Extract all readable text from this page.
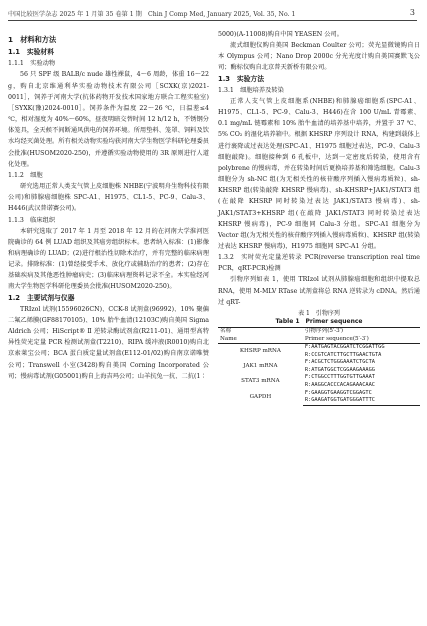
中国比较医学杂志 2025 年 1 月第 35 卷第 1 期　Chin J Comp Med, January 2025, Vol. 35, No. 1	3
1　材料和方法
1.1　实验材料
1.1.1　实验动物
56 只 SPF 级 BALB/c nude 雄性裸鼠，4～6 周龄，体重 16～22 g，购自北京维通利华实验动物技术有限公司［SCXK(京)2021-0011］，饲养于河南大学(抗体药物开发技术国家地方联合工程实验室)［SYXK(豫)2024-0010］。饲养条件为温度 22～26 ℃，日温差≤4 ℃，相对湿度为 40%～60%，昼夜明暗交替时间 12 h/12 h，不锈钢分体笼具，全天候不间断通风供电的饲养环境。所用垫料、笼罩、饲料及饮水均经灭菌处理。所有相关动物实验均获河南大学生物医学科研伦理委员会批准(HUSOM2020-250)，并遵循实验动物使用的 3R 原则进行人道化处理。
1.1.2　细胞
研究选用正常人类支气管上皮细胞株 NHBE(宁波明舟生物科技有限公司)和肺腺癌细胞株 SPC-A1、H1975、CL1-5、PC-9、Calu-3、H446(武汉普诺赛公司)。
1.1.3　临床组织
本研究选取了 2017 年 1 月至 2018 年 12 月的在河南大学淮河医院确诊的 64 例 LUAD 组织及其癌旁组织标本。患者纳入标准：(1)影像和病理确诊的 LUAD；(2)进行根治性切除术治疗，并有完整的临床病理记录。排除标准：(1)曾经接受手术、放化疗或辅助治疗的患者；(2)存在基础疾病及其他恶性肿瘤病史；(3)临床病理资料记录不全。本实验经河南大学生物医学科研伦理委员会批准(HUSOM2020-250)。
1.2　主要试剂与仪器
TRIzol 试剂(15596026CN)、CCK-8 试剂盒(96992)、10% 聚偏二氟乙烯膜(GF88170105)、10% 胎牛血清(12103C)购自美国 Sigma Aldrich 公司；HiScript® Ⅱ 逆转录酶试剂盒(R211-01)、通用型高特异性荧光定量 PCR 检测试剂盒(T2210)、RIPA 缓冲液(R0010)购自北京索莱宝公司；BCA 蛋白质定量试剂盒(E112-01/02)购自南京诺唯赞公司；Transwell 小室(3428)购自美国 Corning Incorporated 公司；慢病毒试剂(G05001)购自上海吉玛公司；山羊抗兔一抗、二抗(1∶
5000)(A-11008)购自中国 YEASEN 公司。
流式细胞仪购自美国 Beckman Coulter 公司；荧光显微镜购自日本 Olympus 公司；Nano Drop 2000c 分光光度计购自美国赛默飞公司；酶标仪购自北京普天新桥有限公司。
1.3　实验方法
1.3.1　细胞培养及转染
正常人支气管上皮细胞系(NHBE)和肺腺癌细胞系(SPC-A1、H1975、CL1-5、PC-9、Calu-3、H446)在含 100 U/mL 青霉素、0.1 mg/mL 链霉素和 10% 胎牛血清的培养基中培养，并置于 37 ℃、5% CO₂ 的湿化培养箱中。根据 KHSRP 序列设计 RNA，构建到载体上进行裹降或过表达处理(SPC-A1、H1975 细胞过表达，PC-9、Calu-3 细胞敲降)。细胞接种到 6 孔板中，达到一定密度后转染，使用含有 polybrene 的慢病毒，并在转染时间后更换培养基和筛选细胞。Calu-3 细胞分为 sh-NC 组(为无相关性的核苷酸序列插入慢病毒质粒)、sh-KHSRP 组(转染敲降 KHSRP 慢病毒)、sh-KHSRP+JAK1/STAT3 组(在敲降 KHSRP 同时转染过表达 JAK1/STAT3 慢病毒)、sh-JAK1/STAT3+KHSRP 组(在敲降 JAK1/STAT3 同时转染过表达 KHSRP 慢病毒)，PC-9 细胞同 Calu-3 分组。SPC-A1 细胞分为 Vector 组(为无相关性的核苷酸序列插入慢病毒质粒)、KHSRP 组(转染过表达 KHSRP 慢病毒)，H1975 细胞同 SPC-A1 分组。
1.3.2　实时荧光定量逆转录 PCR(reverse transcription real time PCR，qRT-PCR)检测
引物序列如表 1，使用 TRIzol 试剂从肺腺癌细胞和组织中提取总 RNA，使用 M-MLV RTase 试剂盒将总 RNA 逆转录为 cDNA。然后通过 qRT-
表 1　引物序列
Table 1　Primer sequence
名称	引物序列(5′-3′)
Name	Primer sequence(5′-3′)
KHSRP mRNA	F:AATGAGTACGGATCTCGGATTGG
	R:CCGTCATCTTGCTTGAACTGTA
JAK1 mRNA	F:ACGCTCTGGGAAATCTGCTA
	R:ATGATGGCTCGGAAGAAAGG
STAT3 mRNA	F:CTGGCCTTTGGTGTTGAAAT
	R:AAGGCACCCACAGAAACAAC
GAPDH	F:GAAGGTGAAGGTCGGAGTC
	R:GAAGATGGTGATGGGATTTC
